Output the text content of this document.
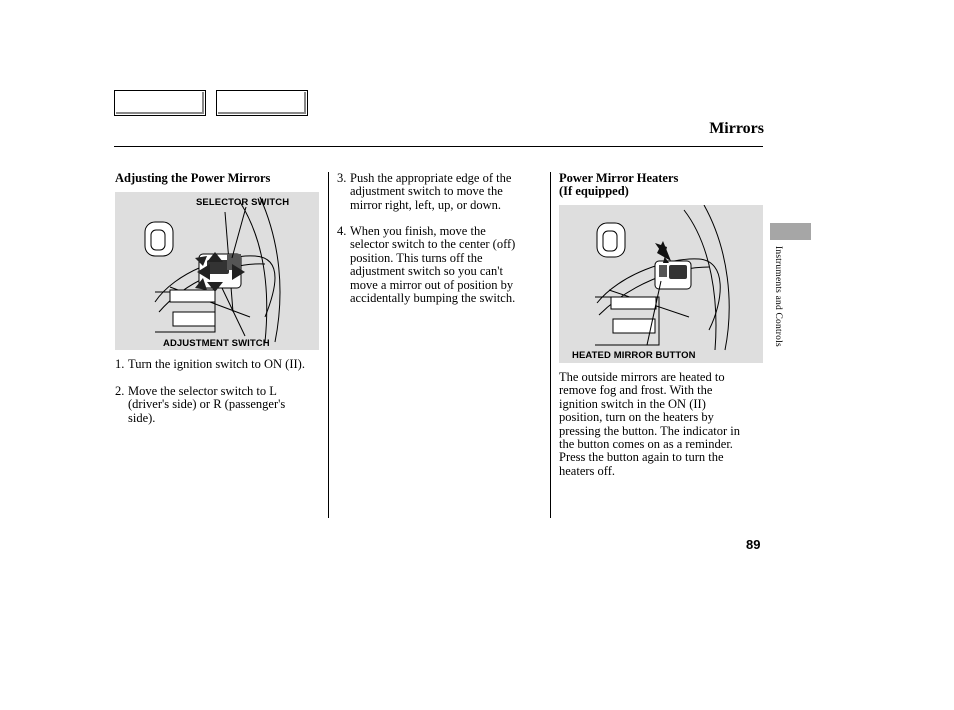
Mirrors
Adjusting the Power Mirrors
SELECTOR SWITCH
ADJUSTMENT SWITCH
1. Turn the ignition switch to ON (II).
2. Move the selector switch to L
(driver's side) or R (passenger's
side).
3. Push the appropriate edge of the
adjustment switch to move the
mirror right, left, up, or down.
4. When you finish, move the
selector switch to the center (off)
position. This turns off the
adjustment switch so you can't
move a mirror out of position by
accidentally bumping the switch.
Power Mirror Heaters
(If equipped)
HEATED MIRROR BUTTON
The outside mirrors are heated to
remove fog and frost. With the
ignition switch in the ON (II)
position, turn on the heaters by
pressing the button. The indicator in
the button comes on as a reminder.
Press the button again to turn the
heaters off.
Instruments and Controls
89
